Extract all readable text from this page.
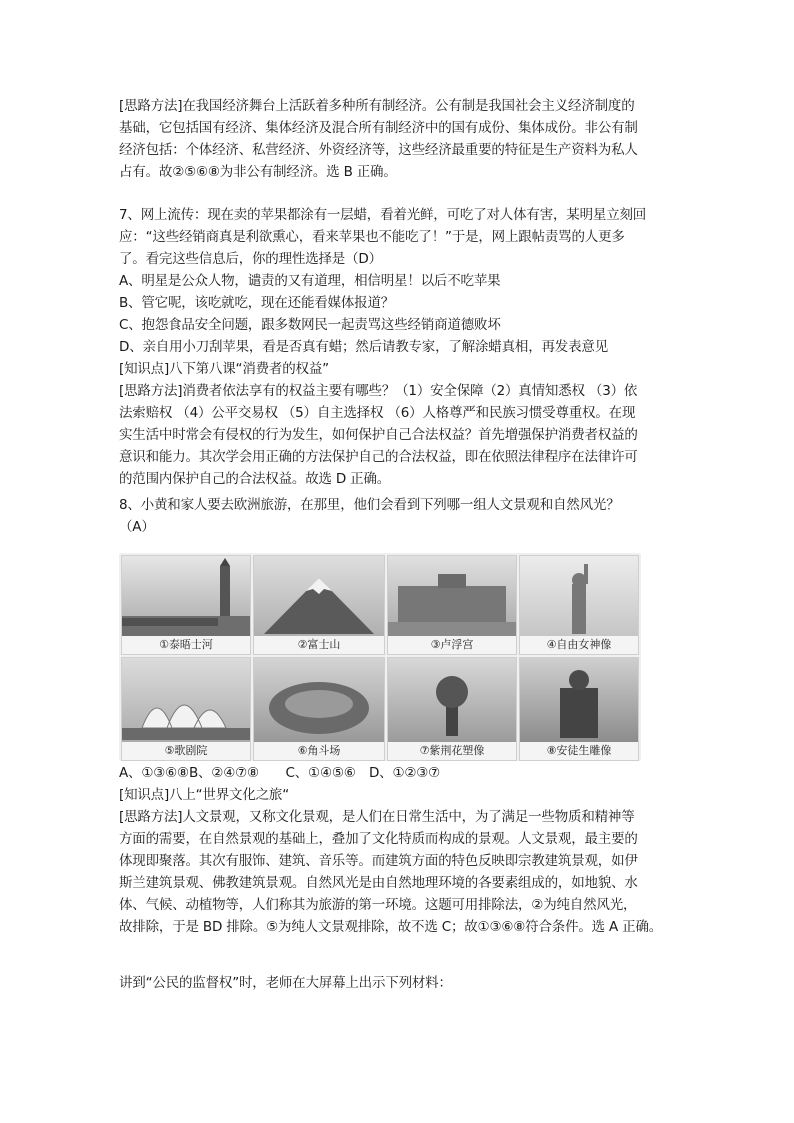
[思路方法]在我国经济舞台上活跃着多种所有制经济。公有制是我国社会主义经济制度的
基础，它包括国有经济、集体经济及混合所有制经济中的国有成份、集体成份。非公有制
经济包括：个体经济、私营经济、外资经济等，这些经济最重要的特征是生产资料为私人
占有。故②⑤⑥⑧为非公有制经济。选 B 正确。
7、网上流传：现在卖的苹果都涂有一层蜡，看着光鲜，可吃了对人体有害，某明星立刻回
应：“这些经销商真是利欲熏心，看来苹果也不能吃了！”于是，网上跟帖责骂的人更多
了。看完这些信息后，你的理性选择是（D）
A、明星是公众人物，谴责的又有道理，相信明星！以后不吃苹果
B、管它呢，该吃就吃，现在还能看媒体报道？
C、抱怨食品安全问题，跟多数网民一起责骂这些经销商道德败坏
D、亲自用小刀刮苹果，看是否真有蜡；然后请教专家，了解涂蜡真相，再发表意见
[知识点]八下第八课“消费者的权益”
[思路方法]消费者依法享有的权益主要有哪些？（1）安全保障（2）真情知悉权 （3）依
法索赔权 （4）公平交易权 （5）自主选择权 （6）人格尊严和民族习惯受尊重权。在现
实生活中时常会有侵权的行为发生，如何保护自己合法权益？首先增强保护消费者权益的
意识和能力。其次学会用正确的方法保护自己的合法权益，即在依照法律程序在法律许可
的范围内保护自己的合法权益。故选 D 正确。
8、小黄和家人要去欧洲旅游，在那里，他们会看到下列哪一组人文景观和自然风光？
（A）
①泰晤士河	②富士山	③卢浮宫	④自由女神像
⑤歌剧院	⑥角斗场	⑦紫荆花塑像	⑧安徒生雕像
A、①③⑥⑧B、②④⑦⑧　　C、①④⑤⑥　D、①②③⑦
[知识点]八上“世界文化之旅“
[思路方法]人文景观，又称文化景观，是人们在日常生活中，为了满足一些物质和精神等
方面的需要，在自然景观的基础上，叠加了文化特质而构成的景观。人文景观，最主要的
体现即聚落。其次有服饰、建筑、音乐等。而建筑方面的特色反映即宗教建筑景观，如伊
斯兰建筑景观、佛教建筑景观。自然风光是由自然地理环境的各要素组成的，如地貌、水
体、气候、动植物等，人们称其为旅游的第一环境。这题可用排除法，②为纯自然风光，
故排除，于是 BD 排除。⑤为纯人文景观排除，故不选 C；故①③⑥⑧符合条件。选 A 正确。
讲到“公民的监督权”时，老师在大屏幕上出示下列材料：
